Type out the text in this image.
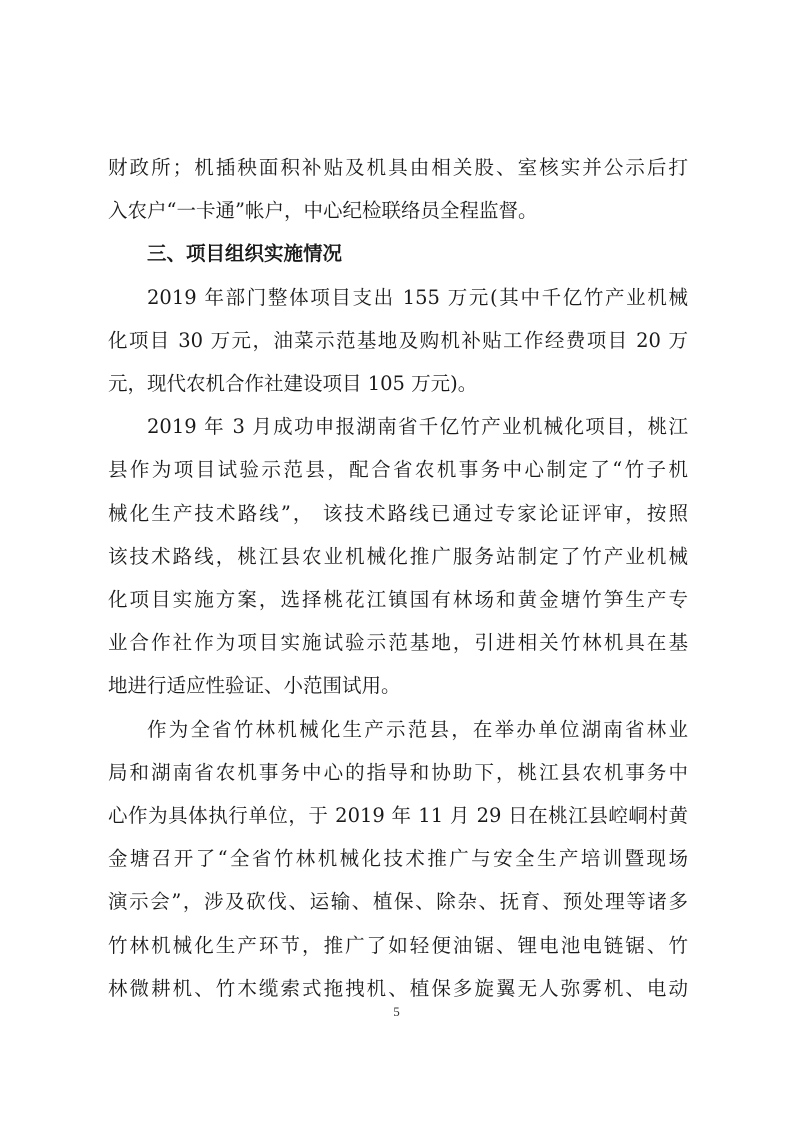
财政所；机插秧面积补贴及机具由相关股、室核实并公示后打
入农户“一卡通”帐户，中心纪检联络员全程监督。
三、项目组织实施情况
2019 年部门整体项目支出 155 万元(其中千亿竹产业机械
化项目 30 万元，油菜示范基地及购机补贴工作经费项目 20 万
元，现代农机合作社建设项目 105 万元)。
2019 年 3 月成功申报湖南省千亿竹产业机械化项目，桃江
县作为项目试验示范县，配合省农机事务中心制定了“竹子机
械化生产技术路线”， 该技术路线已通过专家论证评审，按照
该技术路线，桃江县农业机械化推广服务站制定了竹产业机械
化项目实施方案，选择桃花江镇国有林场和黄金塘竹笋生产专
业合作社作为项目实施试验示范基地，引进相关竹林机具在基
地进行适应性验证、小范围试用。
作为全省竹林机械化生产示范县，在举办单位湖南省林业
局和湖南省农机事务中心的指导和协助下，桃江县农机事务中
心作为具体执行单位，于 2019 年 11 月 29 日在桃江县崆峒村黄
金塘召开了“全省竹林机械化技术推广与安全生产培训暨现场
演示会”，涉及砍伐、运输、植保、除杂、抚育、预处理等诸多
竹林机械化生产环节，推广了如轻便油锯、锂电池电链锯、竹
林微耕机、竹木缆索式拖拽机、植保多旋翼无人弥雾机、电动
5
